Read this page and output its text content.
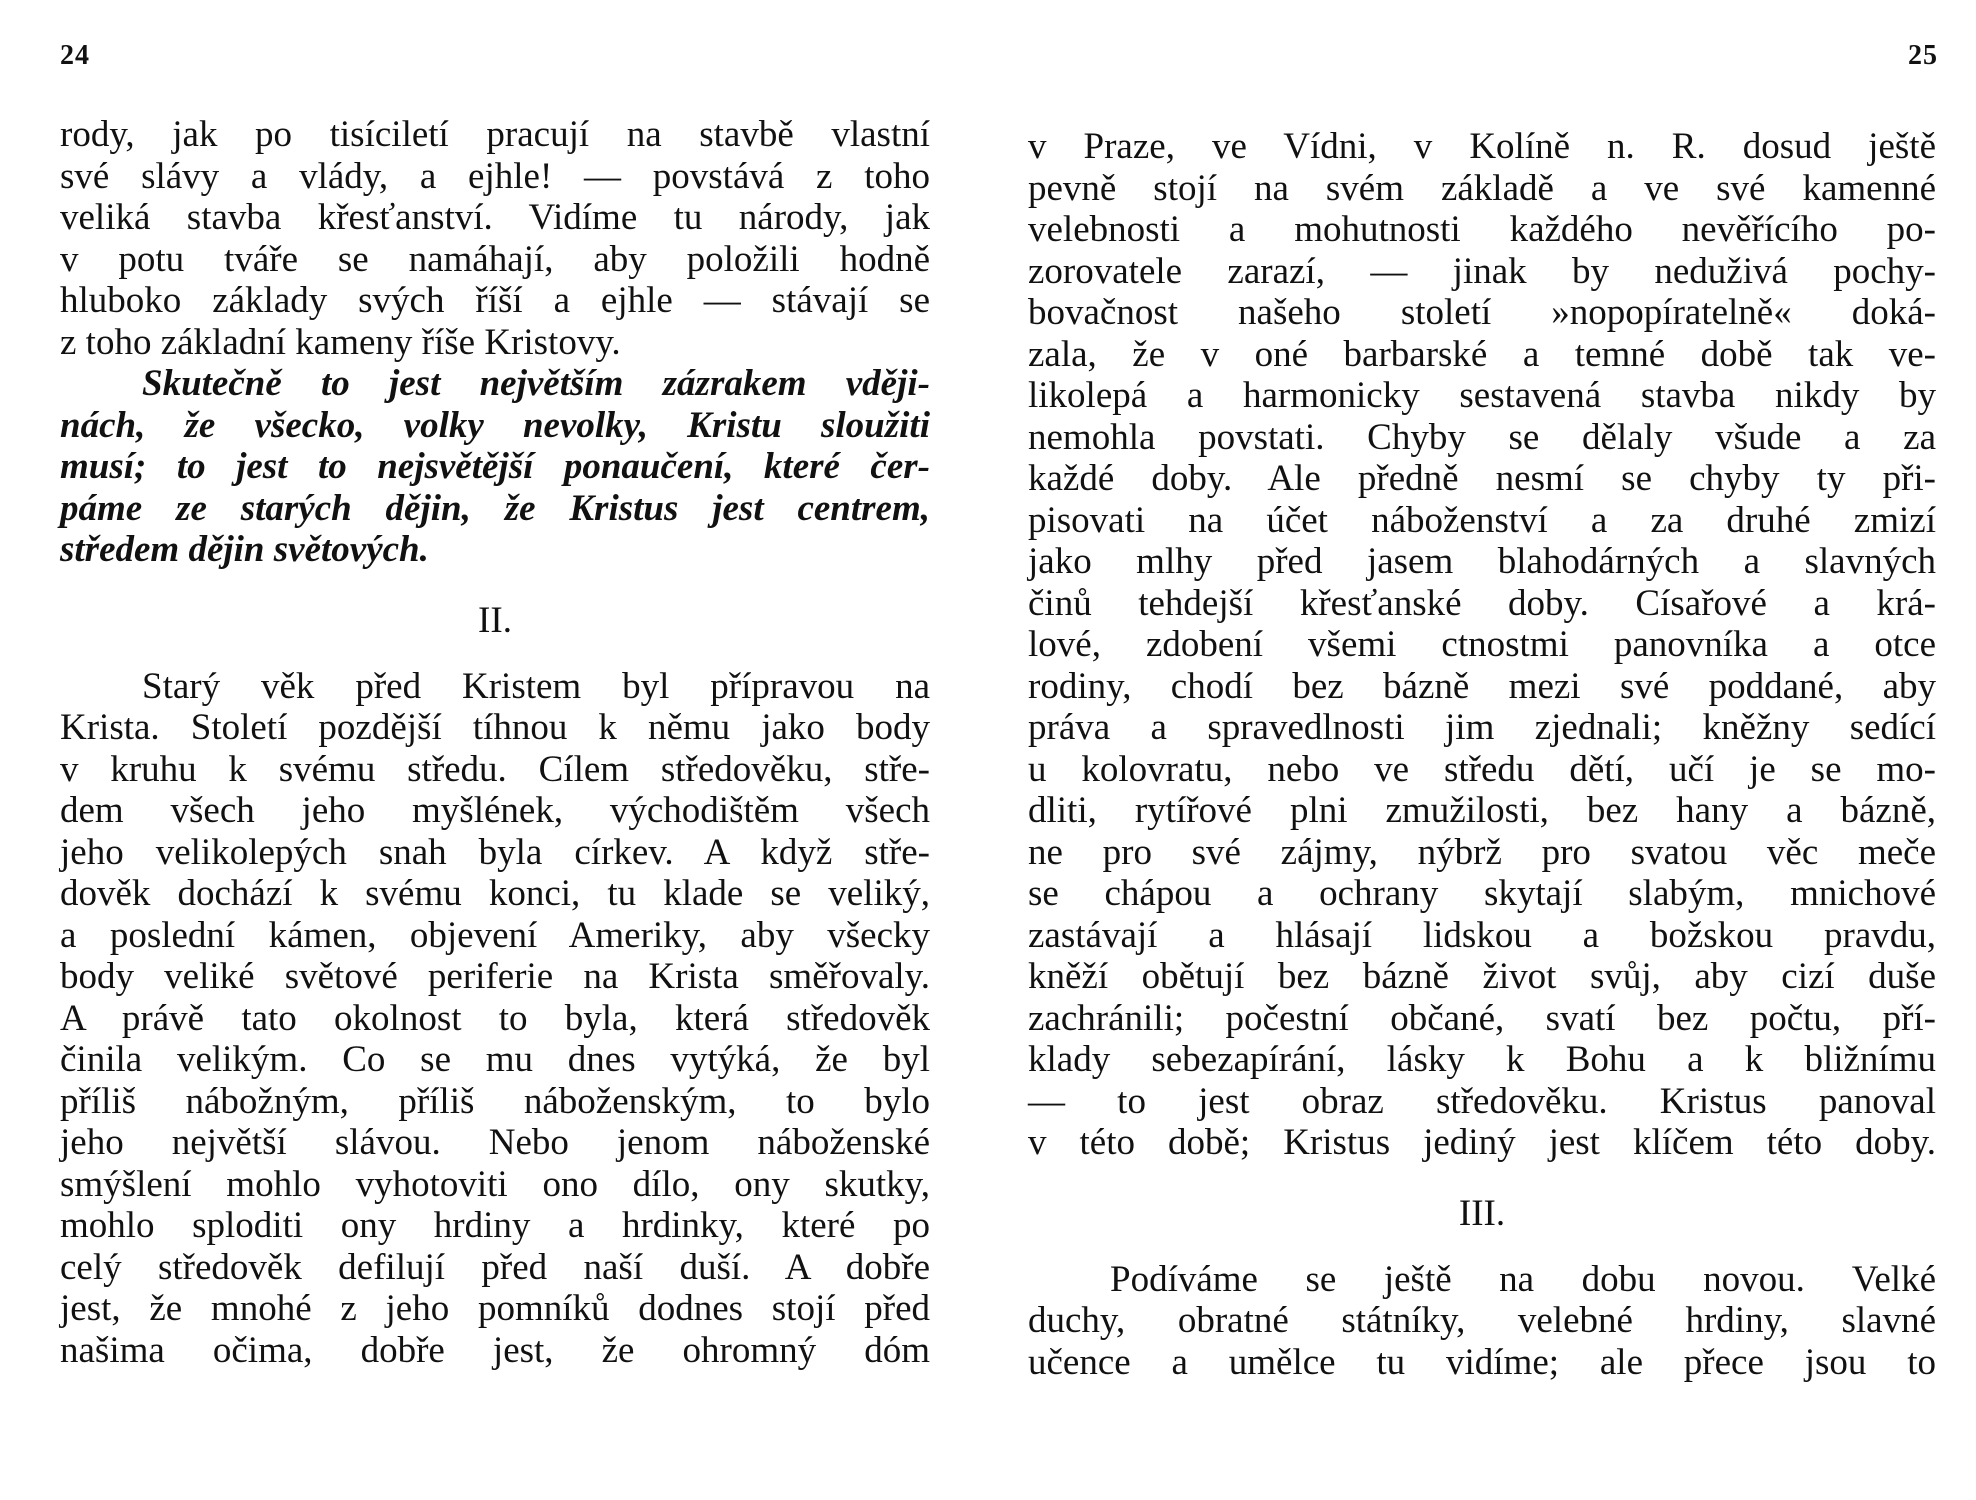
24
rody, jak po tisíciletí pracují na stavbě vlastní
své slávy a vlády, a ejhle! — povstává z toho
veliká stavba křesťanství. Vidíme tu národy, jak
v potu tváře se namáhají, aby položili hodně
hluboko základy svých říší a ejhle — stávají se
z toho základní kameny říše Kristovy.
Skutečně to jest největším zázrakem vději-
nách, že všecko, volky nevolky, Kristu sloužiti
musí; to jest to nejsvětější ponaučení, které čer-
páme ze starých dějin, že Kristus jest centrem,
středem dějin světových.
II.
Starý věk před Kristem byl přípravou na
Krista. Století pozdější tíhnou k němu jako body
v kruhu k svému středu. Cílem středověku, stře-
dem všech jeho myšlének, východištěm všech
jeho velikolepých snah byla církev. A když stře-
dověk dochází k svému konci, tu klade se veliký,
a poslední kámen, objevení Ameriky, aby všecky
body veliké světové periferie na Krista směřovaly.
A právě tato okolnost to byla, která středověk
činila velikým. Co se mu dnes vytýká, že byl
příliš nábožným, příliš náboženským, to bylo
jeho největší slávou. Nebo jenom náboženské
smýšlení mohlo vyhotoviti ono dílo, ony skutky,
mohlo sploditi ony hrdiny a hrdinky, které po
celý středověk defilují před naší duší. A dobře
jest, že mnohé z jeho pomníků dodnes stojí před
našima očima, dobře jest, že ohromný dóm
25
v Praze, ve Vídni, v Kolíně n. R. dosud ještě
pevně stojí na svém základě a ve své kamenné
velebnosti a mohutnosti každého nevěřícího po-
zorovatele zarazí, — jinak by neduživá pochy-
bovačnost našeho století »nopopíratelně« doká-
zala, že v oné barbarské a temné době tak ve-
likolepá a harmonicky sestavená stavba nikdy by
nemohla povstati. Chyby se dělaly všude a za
každé doby. Ale předně nesmí se chyby ty při-
pisovati na účet náboženství a za druhé zmizí
jako mlhy před jasem blahodárných a slavných
činů tehdejší křesťanské doby. Císařové a krá-
lové, zdobení všemi ctnostmi panovníka a otce
rodiny, chodí bez bázně mezi své poddané, aby
práva a spravedlnosti jim zjednali; kněžny sedící
u kolovratu, nebo ve středu dětí, učí je se mo-
dliti, rytířové plni zmužilosti, bez hany a bázně,
ne pro své zájmy, nýbrž pro svatou věc meče
se chápou a ochrany skytají slabým, mnichové
zastávají a hlásají lidskou a božskou pravdu,
kněží obětují bez bázně život svůj, aby cizí duše
zachránili; počestní občané, svatí bez počtu, pří-
klady sebezapírání, lásky k Bohu a k bližnímu
— to jest obraz středověku. Kristus panoval
v této době; Kristus jediný jest klíčem této doby.
III.
Podíváme se ještě na dobu novou. Velké
duchy, obratné státníky, velebné hrdiny, slavné
učence a umělce tu vidíme; ale přece jsou to
